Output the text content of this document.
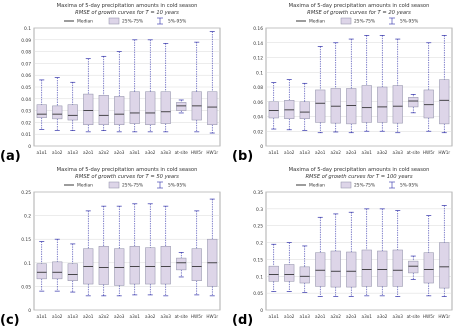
0
0.01
0.02
0.03
0.04
0.05
0.06
0.07
0.08
0.09
0.1
Maxima of 5-day precipitation amounts in cold season
RMSE of growth curves for T = 10 years
Median	25%-75%	5%-95%
a1o1 a1o2 a1o3 a2o1 a2o2 a2o3 a3o1 a3o2 a3o3 at-site HW5r HW1r
0
0.02
0.04
0.06
0.08
0.1
0.12
0.14
0.16
Maxima of 5-day precipitation amounts in cold season
RMSE of growth curves for T = 20 years
Median	25%-75%	5%-95%
a1o1 a1o2 a1o3 a2o1 a2o2 a2o3 a3o1 a3o2 a3o3 at-site HW5r HW1r
0
0.05
0.1
0.15
0.2
0.25
Maxima of 5-day precipitation amounts in cold season
RMSE of growth curves for T = 50 years
Median	25%-75%	5%-95%
a1o1 a1o2 a1o3 a2o1 a2o2 a2o3 a3o1 a3o2 a3o3 at-site HW5r HW1r
0
0.05
0.1
0.15
0.2
0.25
0.3
0.35
Maxima of 5-day precipitation amounts in cold season
RMSE of growth curves for T = 100 years
Median	25%-75%	5%-95%
a1o1 a1o2 a1o3 a2o1 a2o2 a2o3 a3o1 a3o2 a3o3 at-site HW5r HW1r
(a)	(b)
(c)	(d)
